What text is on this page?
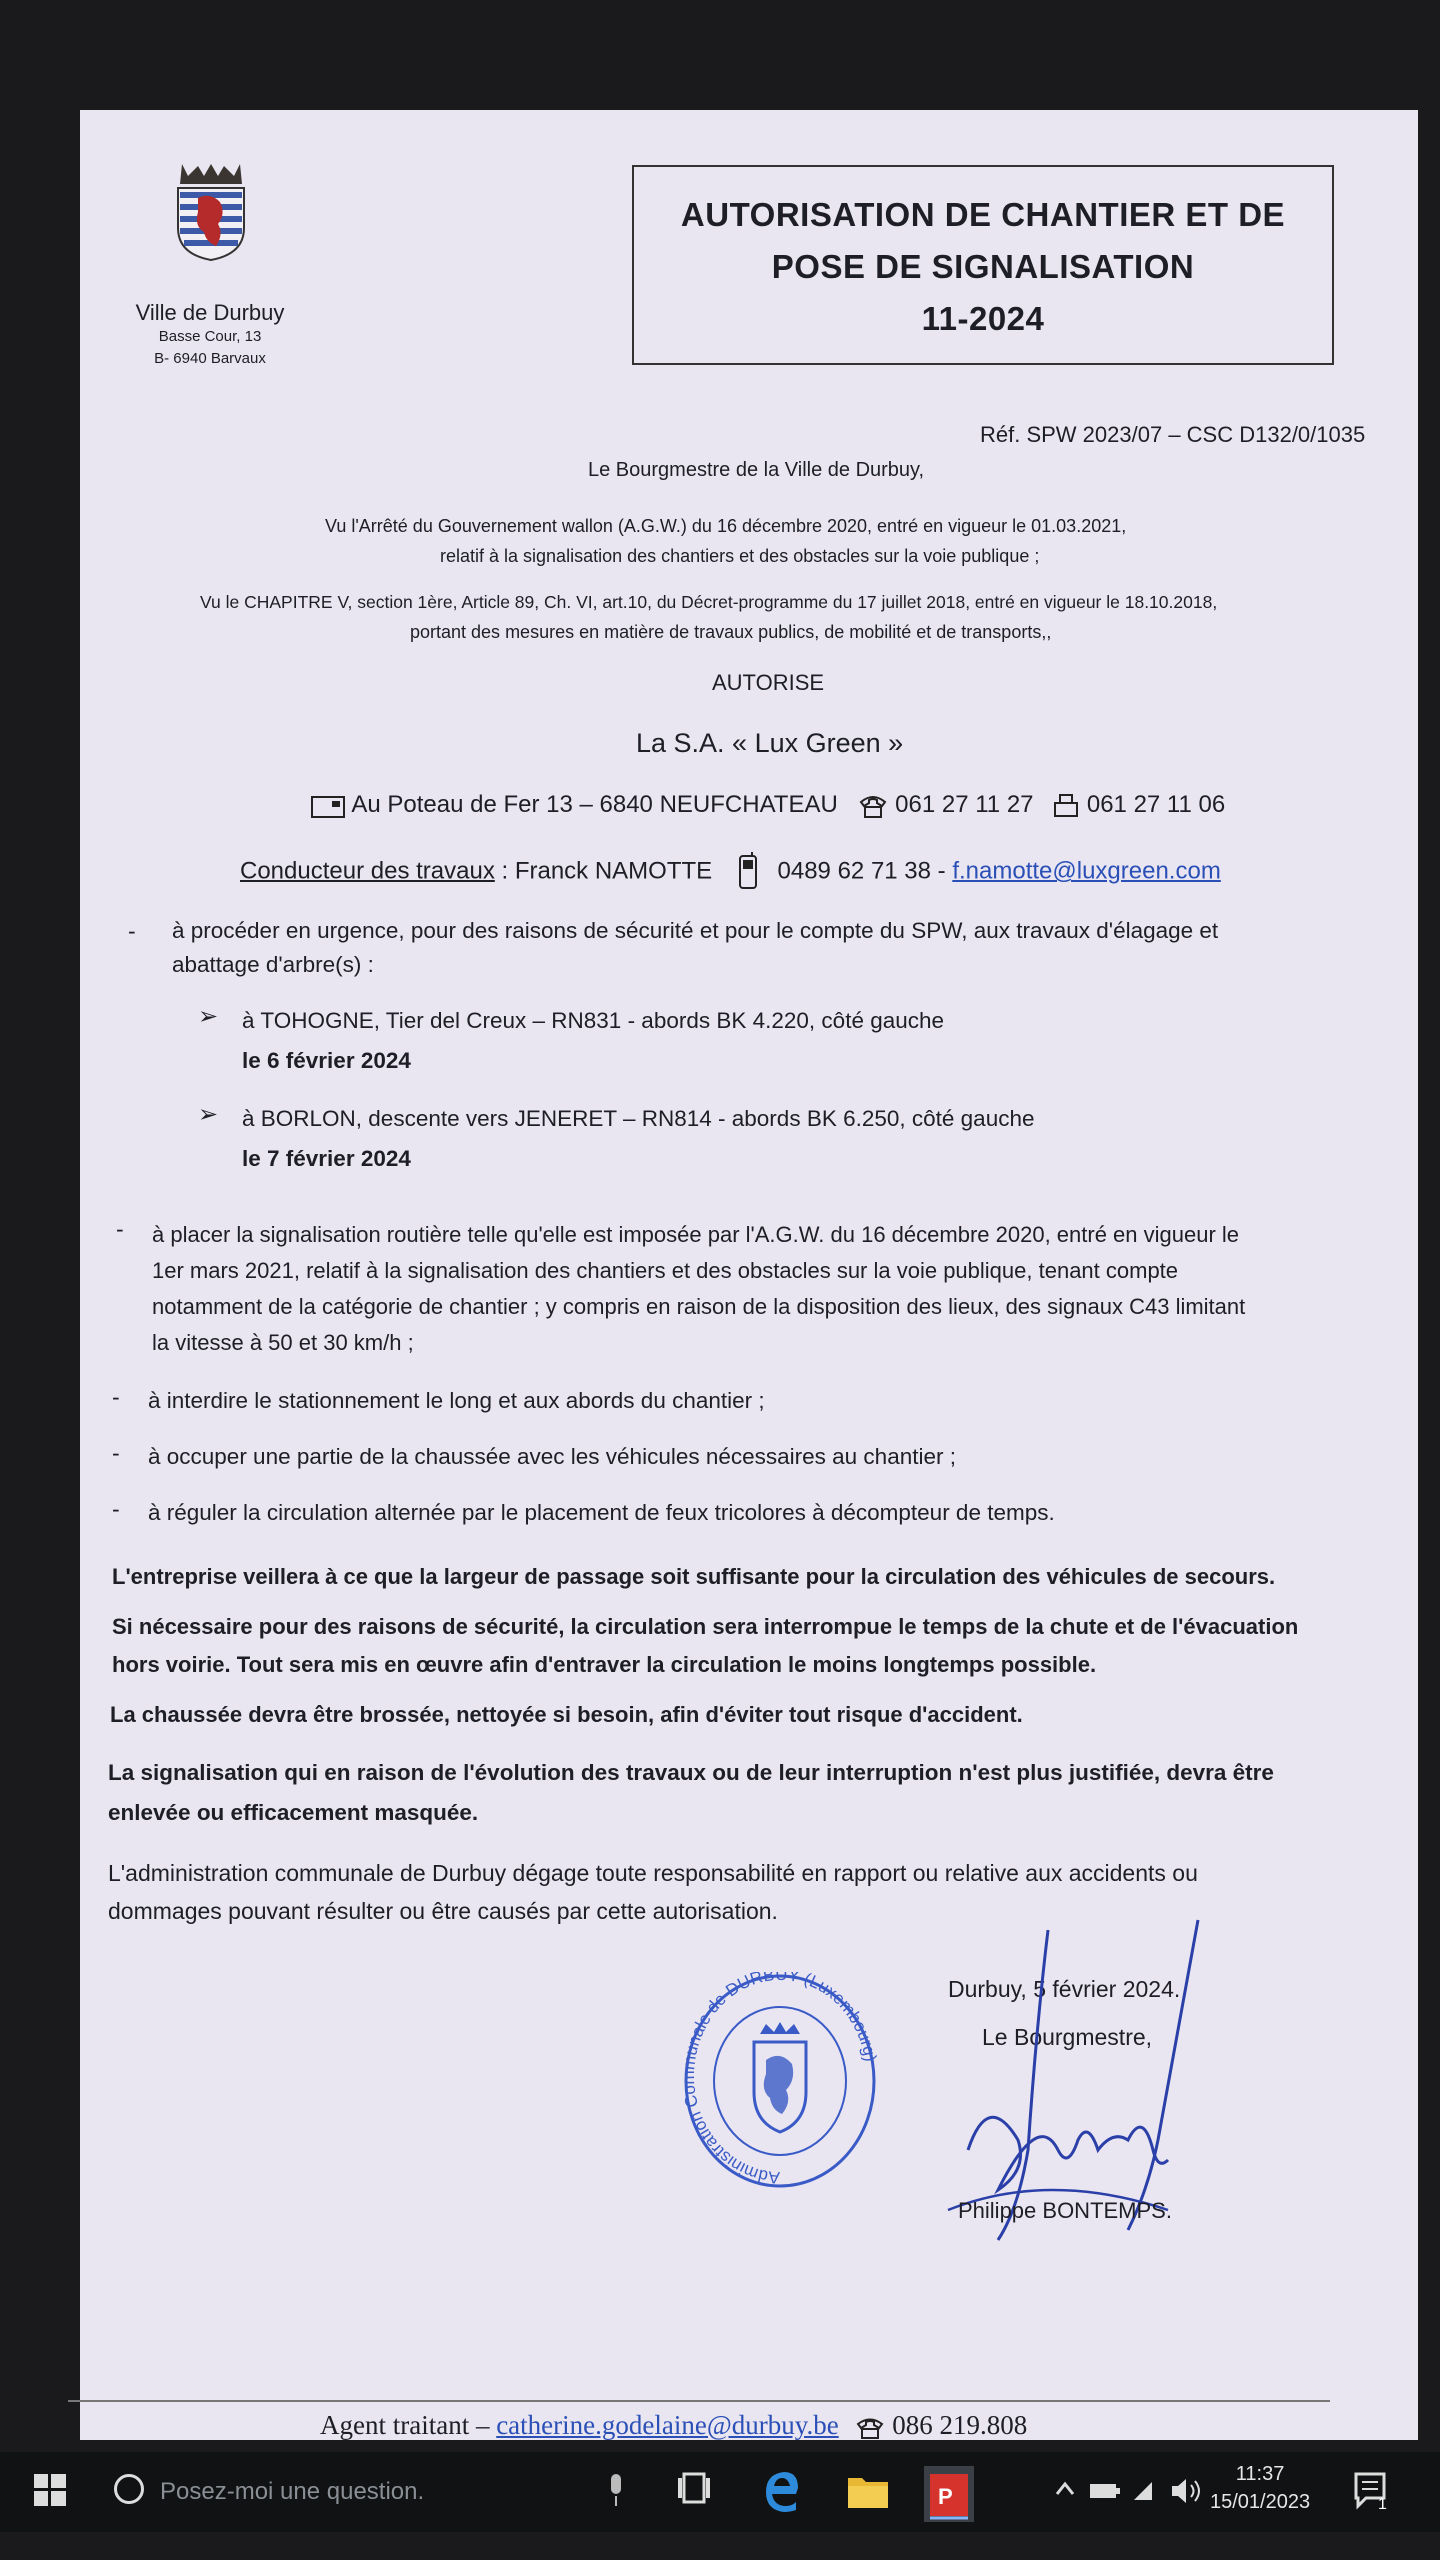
Ville de Durbuy
Basse Cour, 13
B- 6940 Barvaux
AUTORISATION DE CHANTIER ET DE
POSE DE SIGNALISATION
11-2024
Réf. SPW 2023/07 – CSC D132/0/1035
Le Bourgmestre de la Ville de Durbuy,
Vu l'Arrêté du Gouvernement wallon (A.G.W.) du 16 décembre 2020, entré en vigueur le 01.03.2021,
relatif à la signalisation des chantiers et des obstacles sur la voie publique ;
Vu le CHAPITRE V, section 1ère, Article 89, Ch. VI, art.10, du Décret-programme du 17 juillet 2018, entré en vigueur le 18.10.2018,
portant des mesures en matière de travaux publics, de mobilité et de transports,,
AUTORISE
La S.A. « Lux Green »
Au Poteau de Fer 13 – 6840 NEUFCHATEAU 061 27 11 27 061 27 11 06
Conducteur des travaux : Franck NAMOTTE	0489 62 71 38 - f.namotte@luxgreen.com
- à procéder en urgence, pour des raisons de sécurité et pour le compte du SPW, aux travaux d'élagage et
abattage d'arbre(s) :
➢ à TOHOGNE, Tier del Creux – RN831 - abords BK 4.220, côté gauche
le 6 février 2024
➢ à BORLON, descente vers JENERET – RN814 - abords BK 6.250, côté gauche
le 7 février 2024
- à placer la signalisation routière telle qu'elle est imposée par l'A.G.W. du 16 décembre 2020, entré en vigueur le
1er mars 2021, relatif à la signalisation des chantiers et des obstacles sur la voie publique, tenant compte
notamment de la catégorie de chantier ; y compris en raison de la disposition des lieux, des signaux C43 limitant
la vitesse à 50 et 30 km/h ;
- à interdire le stationnement le long et aux abords du chantier ;
- à occuper une partie de la chaussée avec les véhicules nécessaires au chantier ;
- à réguler la circulation alternée par le placement de feux tricolores à décompteur de temps.
L'entreprise veillera à ce que la largeur de passage soit suffisante pour la circulation des véhicules de secours.
Si nécessaire pour des raisons de sécurité, la circulation sera interrompue le temps de la chute et de l'évacuation
hors voirie. Tout sera mis en œuvre afin d'entraver la circulation le moins longtemps possible.
La chaussée devra être brossée, nettoyée si besoin, afin d'éviter tout risque d'accident.
La signalisation qui en raison de l'évolution des travaux ou de leur interruption n'est plus justifiée, devra être
enlevée ou efficacement masquée.
L'administration communale de Durbuy dégage toute responsabilité en rapport ou relative aux accidents ou
dommages pouvant résulter ou être causés par cette autorisation.
Administration C unale de DURBUY (Luxembourg
Durbuy, 5 février 2024.
Le Bourgmestre,
Philippe BONTEMPS.
Agent traitant – catherine.godelaine@durbuy.be 086 219.808
Posez-moi une question.	P
11:37
15/01/2023	1
